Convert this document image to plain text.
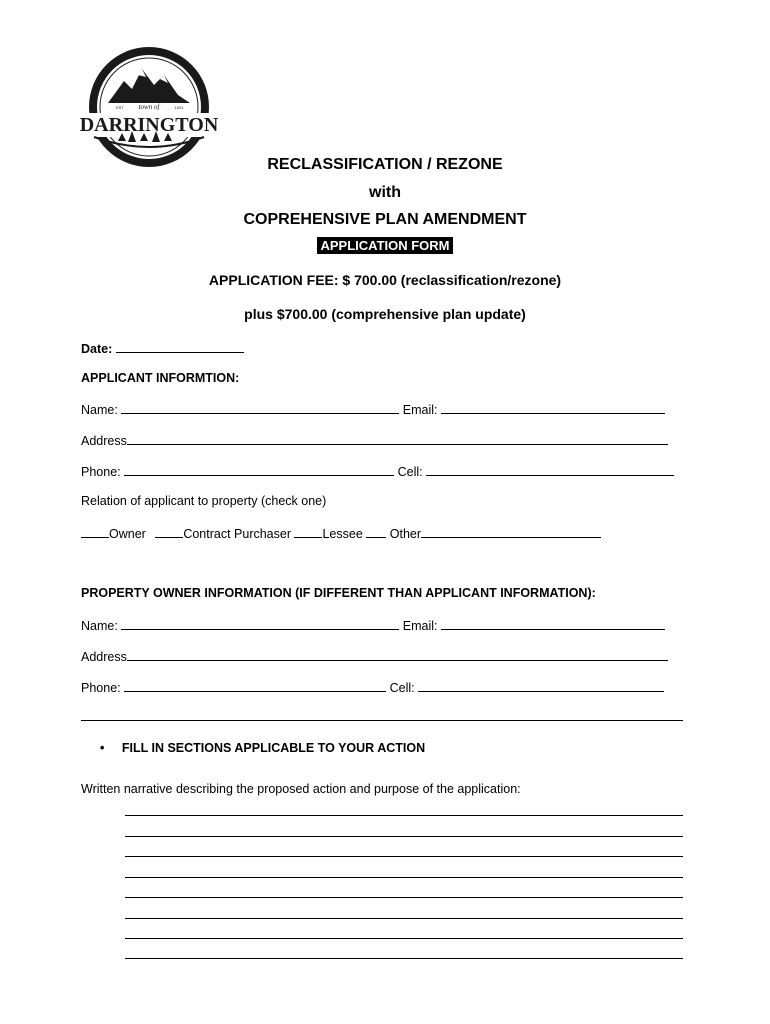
town of
EST	1901
DARRINGTON
RECLASSIFICATION / REZONE
with
COPREHENSIVE PLAN AMENDMENT
APPLICATION FORM
APPLICATION FEE: $ 700.00 (reclassification/rezone)
plus $700.00 (comprehensive plan update)
Date:
APPLICANT INFORMTION:
Name:	Email:
Address
Phone:	Cell:
Relation of applicant to property (check one)
Owner	Contract Purchaser	Lessee Other
PROPERTY OWNER INFORMATION (IF DIFFERENT THAN APPLICANT INFORMATION):
Name:	Email:
Address
Phone:	Cell:
• FILL IN SECTIONS APPLICABLE TO YOUR ACTION
Written narrative describing the proposed action and purpose of the application:
